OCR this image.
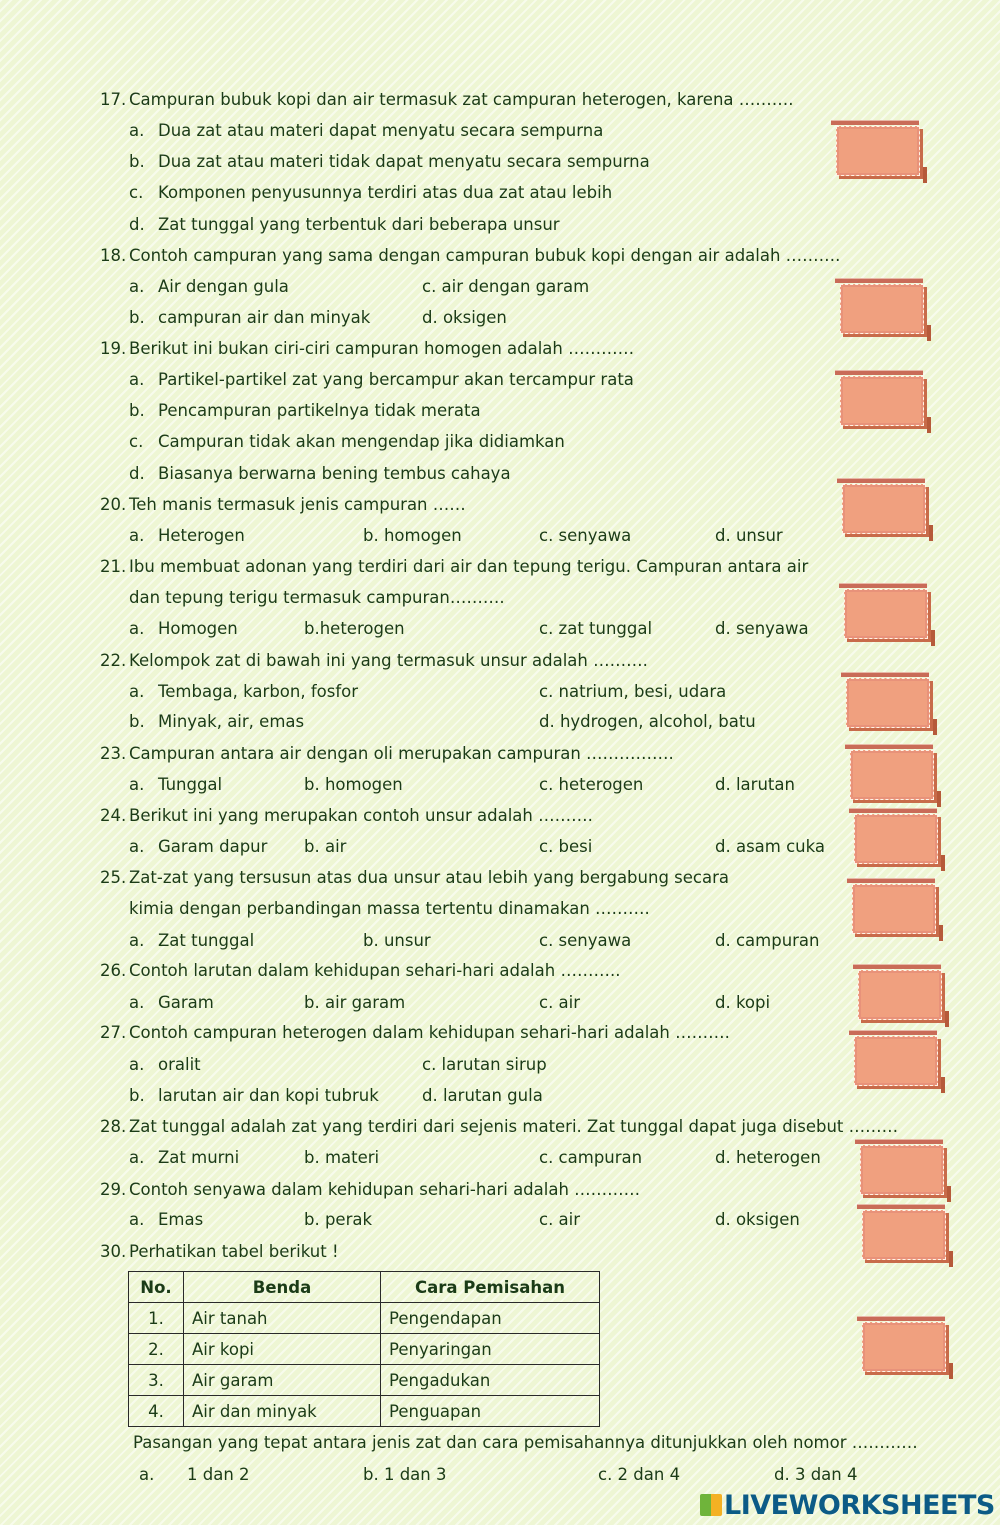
17. Campuran bubuk kopi dan air termasuk zat campuran heterogen, karena ……….
a. Dua zat atau materi dapat menyatu secara sempurna
b. Dua zat atau materi tidak dapat menyatu secara sempurna
c. Komponen penyusunnya terdiri atas dua zat atau lebih
d. Zat tunggal yang terbentuk dari beberapa unsur
18. Contoh campuran yang sama dengan campuran bubuk kopi dengan air adalah ……….
a. Air dengan gula	c. air dengan garam
b. campuran air dan minyak	d. oksigen
19. Berikut ini bukan ciri-ciri campuran homogen adalah …………
a. Partikel-partikel zat yang bercampur akan tercampur rata
b. Pencampuran partikelnya tidak merata
c. Campuran tidak akan mengendap jika didiamkan
d. Biasanya berwarna bening tembus cahaya
20. Teh manis termasuk jenis campuran ……
a. Heterogen	b. homogen	c. senyawa	d. unsur
21. Ibu membuat adonan yang terdiri dari air dan tepung terigu. Campuran antara air
dan tepung terigu termasuk campuran……….
a. Homogen	b.heterogen	c. zat tunggal	d. senyawa
22. Kelompok zat di bawah ini yang termasuk unsur adalah ……….
a. Tembaga, karbon, fosfor	c. natrium, besi, udara
b. Minyak, air, emas	d. hydrogen, alcohol, batu
23. Campuran antara air dengan oli merupakan campuran …………….
a. Tunggal	b. homogen	c. heterogen	d. larutan
24. Berikut ini yang merupakan contoh unsur adalah ……….
a. Garam dapur b. air	c. besi	d. asam cuka
25. Zat-zat yang tersusun atas dua unsur atau lebih yang bergabung secara
kimia dengan perbandingan massa tertentu dinamakan ……….
a. Zat tunggal	b. unsur	c. senyawa	d. campuran
26. Contoh larutan dalam kehidupan sehari-hari adalah ………..
a. Garam	b. air garam	c. air	d. kopi
27. Contoh campuran heterogen dalam kehidupan sehari-hari adalah ……….
a. oralit	c. larutan sirup
b. larutan air dan kopi tubruk	d. larutan gula
28. Zat tunggal adalah zat yang terdiri dari sejenis materi. Zat tunggal dapat juga disebut ………
a. Zat murni	b. materi	c. campuran	d. heterogen
29. Contoh senyawa dalam kehidupan sehari-hari adalah …………
a. Emas	b. perak	c. air	d. oksigen
30. Perhatikan tabel berikut !
No.	Benda	Cara Pemisahan
1.	Air tanah	Pengendapan
2.	Air kopi	Penyaringan
3.	Air garam	Pengadukan
4.	Air dan minyak	Penguapan
Pasangan yang tepat antara jenis zat dan cara pemisahannya ditunjukkan oleh nomor …………
a. 1 dan 2	b. 1 dan 3	c. 2 dan 4	d. 3 dan 4
LIVEWORKSHEETS
